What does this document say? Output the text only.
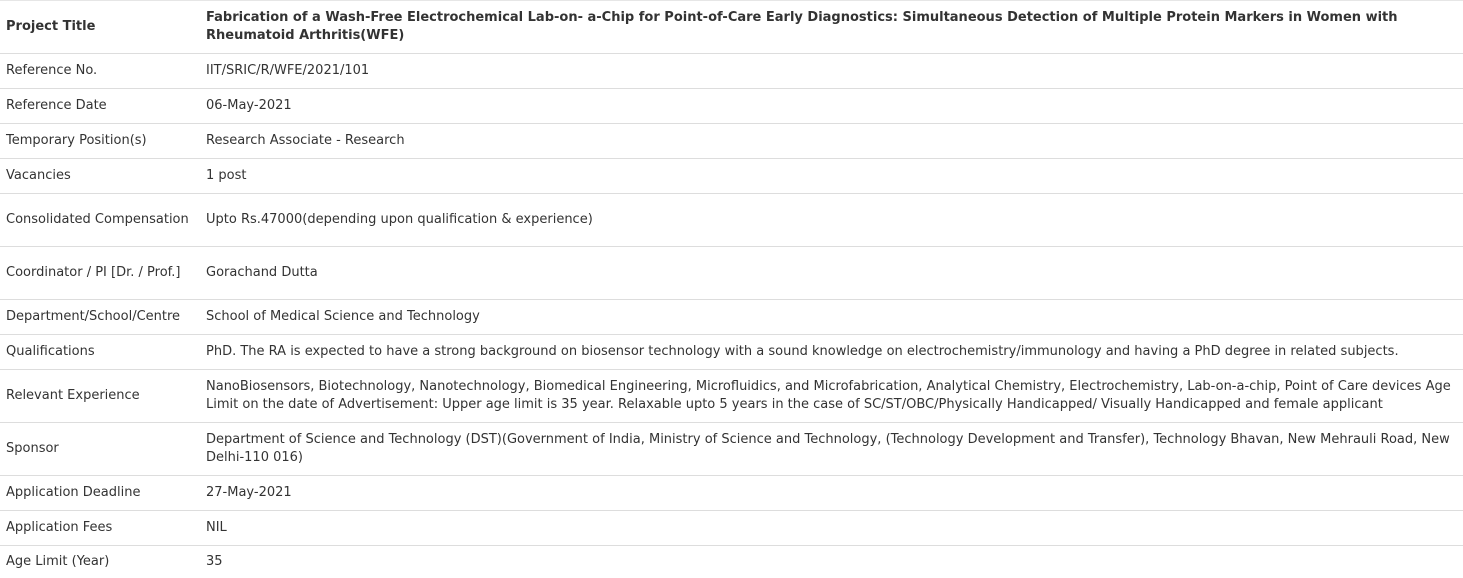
Project Title	Fabrication of a Wash-Free Electrochemical Lab-on- a-Chip for Point-of-Care Early Diagnostics: Simultaneous Detection of Multiple Protein Markers in Women with Rheumatoid Arthritis(WFE)
Reference No.	IIT/SRIC/R/WFE/2021/101
Reference Date	06-May-2021
Temporary Position(s)	Research Associate - Research
Vacancies	1 post
Consolidated Compensation	Upto Rs.47000(depending upon qualification & experience)
Coordinator / PI [Dr. / Prof.]	Gorachand Dutta
Department/School/Centre	School of Medical Science and Technology
Qualifications	PhD. The RA is expected to have a strong background on biosensor technology with a sound knowledge on electrochemistry/immunology and having a PhD degree in related subjects.
Relevant Experience	NanoBiosensors, Biotechnology, Nanotechnology, Biomedical Engineering, Microfluidics, and Microfabrication, Analytical Chemistry, Electrochemistry, Lab-on-a-chip, Point of Care devices Age Limit on the date of Advertisement: Upper age limit is 35 year. Relaxable upto 5 years in the case of SC/ST/OBC/Physically Handicapped/ Visually Handicapped and female applicant
Sponsor	Department of Science and Technology (DST)(Government of India, Ministry of Science and Technology, (Technology Development and Transfer), Technology Bhavan, New Mehrauli Road, New Delhi-110 016)
Application Deadline	27-May-2021
Application Fees	NIL
Age Limit (Year)	35
